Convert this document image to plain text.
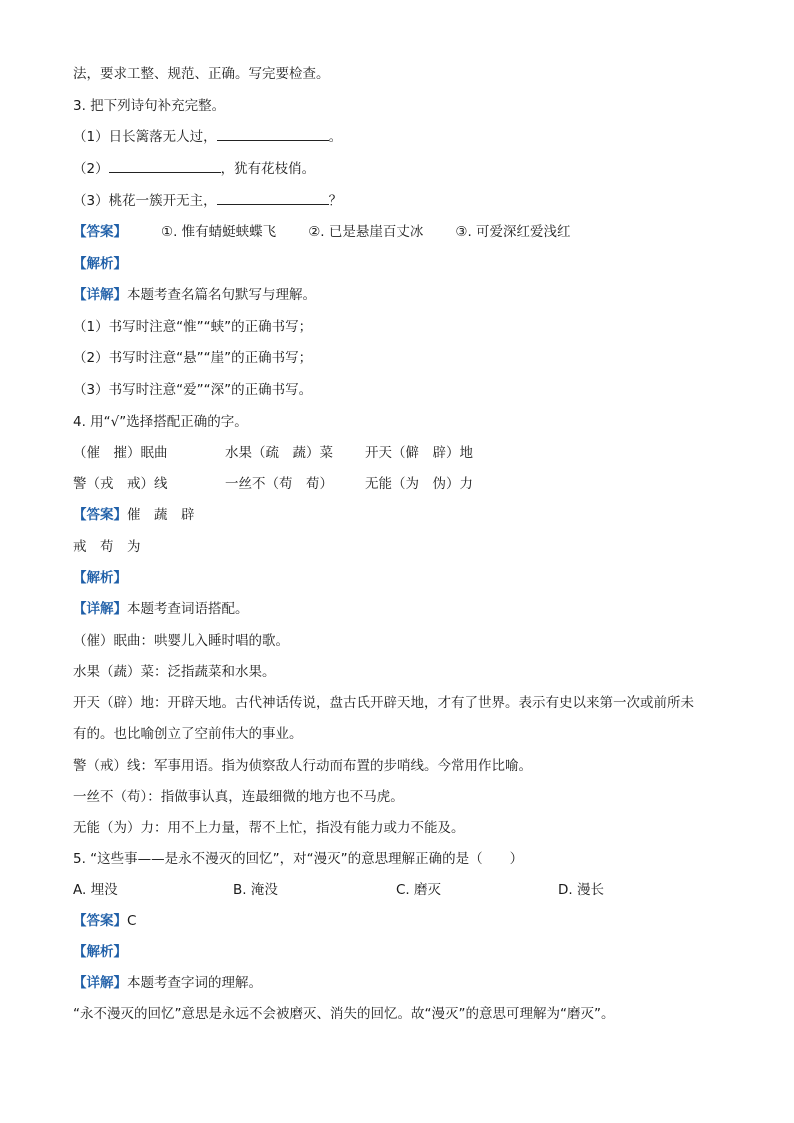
法，要求工整、规范、正确。写完要检查。
3. 把下列诗句补充完整。
（1）日长篱落无人过，	。
（2）	，犹有花枝俏。
（3）桃花一簇开无主，	？
【答案】	①. 惟有蜻蜓蛱蝶飞 ②. 已是悬崖百丈冰 ③. 可爱深红爱浅红
【解析】
【详解】本题考查名篇名句默写与理解。
（1）书写时注意“惟”“蛱”的正确书写；
（2）书写时注意“悬”“崖”的正确书写；
（3）书写时注意“爱”“深”的正确书写。
4. 用“√”选择搭配正确的字。
（催　摧）眠曲	水果（疏　蔬）菜 开天（僻　辟）地
警（戎　戒）线	一丝不（苟　荀） 无能（为　伪）力
【答案】催　蔬　辟
戒　苟　为
【解析】
【详解】本题考查词语搭配。
（催）眠曲：哄婴儿入睡时唱的歌。
水果（蔬）菜：泛指蔬菜和水果。
开天（辟）地：开辟天地。古代神话传说，盘古氏开辟天地，才有了世界。表示有史以来第一次或前所未
有的。也比喻创立了空前伟大的事业。
警（戒）线：军事用语。指为侦察敌人行动而布置的步哨线。今常用作比喻。
一丝不（苟）：指做事认真，连最细微的地方也不马虎。
无能（为）力：用不上力量，帮不上忙，指没有能力或力不能及。
5. “这些事——是永不漫灭的回忆”，对“漫灭”的意思理解正确的是（　　）
A. 埋没	B. 淹没	C. 磨灭	D. 漫长
【答案】C
【解析】
【详解】本题考查字词的理解。
“永不漫灭的回忆”意思是永远不会被磨灭、消失的回忆。故“漫灭”的意思可理解为“磨灭”。
